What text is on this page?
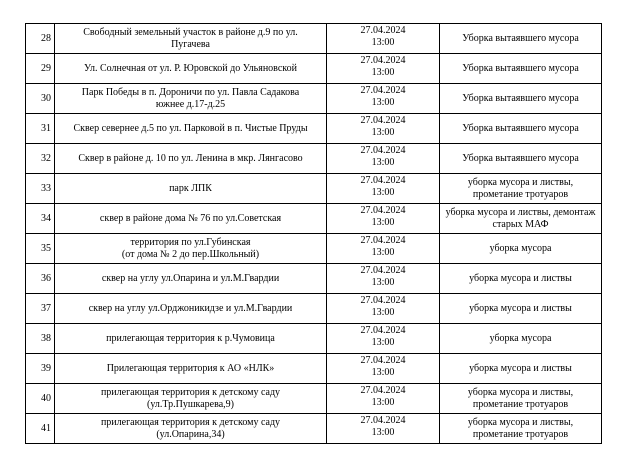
28	Свободный земельный участок в районе д.9 по ул.
Пугачева	27.04.2024
13:00	Уборка вытаявшего мусора

29	Ул. Солнечная от ул. Р. Юровской до Ульяновской	27.04.2024
13:00	Уборка вытаявшего мусора

30	Парк Победы в п. Дороничи по ул. Павла Садакова
южнее д.17-д.25	27.04.2024
13:00	Уборка вытаявшего мусора

31	Сквер севернее д.5 по ул. Парковой в п. Чистые Пруды	27.04.2024
13:00	Уборка вытаявшего мусора

32	Сквер в районе д. 10 по ул. Ленина в мкр. Лянгасово	27.04.2024
13:00	Уборка вытаявшего мусора

33	парк ЛПК	27.04.2024
13:00	уборка мусора и листвы,
прометание тротуаров

34	сквер в районе дома № 76 по ул.Советская	27.04.2024
13:00	уборка мусора и листвы, демонтаж
старых МАФ

35	территория по ул.Губинская
(от дома № 2 до пер.Школьный)	27.04.2024
13:00	уборка мусора

36	сквер на углу ул.Опарина и ул.М.Гвардии	27.04.2024
13:00	уборка мусора и листвы

37	сквер на углу ул.Орджоникидзе и ул.М.Гвардии	27.04.2024
13:00	уборка мусора и листвы

38	прилегающая территория к р.Чумовица	27.04.2024
13:00	уборка мусора

39	Прилегающая территория к АО «НЛК»	27.04.2024
13:00	уборка мусора и листвы

40	прилегающая территория к детскому саду
(ул.Тр.Пушкарева,9)	27.04.2024
13:00	уборка мусора и листвы,
прометание тротуаров

41	прилегающая территория к детскому саду
(ул.Опарина,34)	27.04.2024
13:00	уборка мусора и листвы,
прометание тротуаров
